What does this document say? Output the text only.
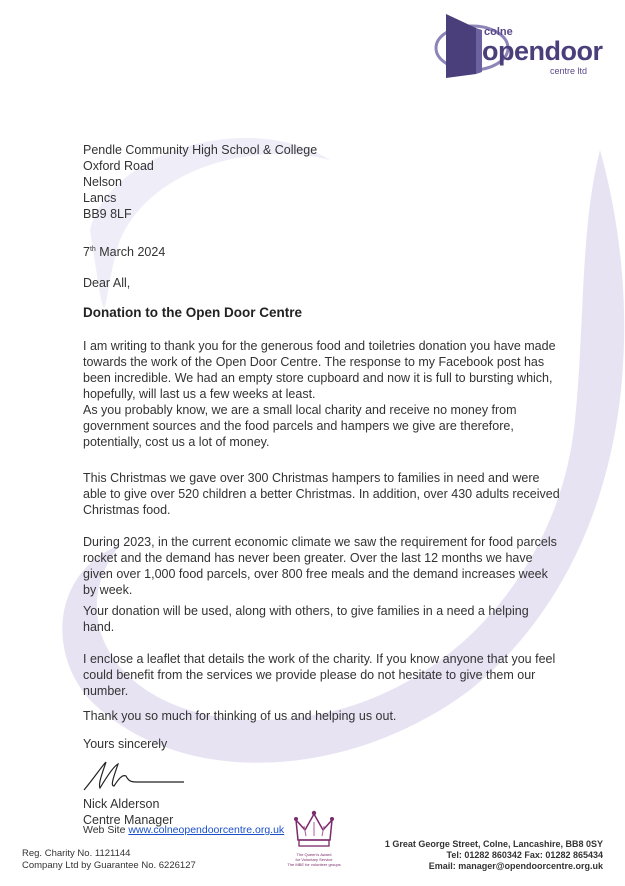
colne
opendoor
centre ltd
Pendle Community High School & College
Oxford Road
Nelson
Lancs
BB9 8LF
7th March 2024
Dear All,
Donation to the Open Door Centre
I am writing to thank you for the generous food and toiletries donation you have made towards the work of the Open Door Centre. The response to my Facebook post has been incredible. We had an empty store cupboard and now it is full to bursting which, hopefully, will last us a few weeks at least.
As you probably know, we are a small local charity and receive no money from government sources and the food parcels and hampers we give are therefore, potentially, cost us a lot of money.
This Christmas we gave over 300 Christmas hampers to families in need and were able to give over 520 children a better Christmas. In addition, over 430 adults received Christmas food.
During 2023, in the current economic climate we saw the requirement for food parcels rocket and the demand has never been greater. Over the last 12 months we have given over 1,000 food parcels, over 800 free meals and the demand increases week by week.
Your donation will be used, along with others, to give families in a need a helping hand.
I enclose a leaflet that details the work of the charity. If you know anyone that you feel could benefit from the services we provide please do not hesitate to give them our number.
Thank you so much for thinking of us and helping us out.
Yours sincerely
Nick Alderson
Centre Manager
Web Site www.colneopendoorcentre.org.uk
Reg. Charity No. 1121144
Company Ltd by Guarantee No. 6226127
The Queen's Award
for Voluntary Service
The MBE for volunteer groups
1 Great George Street, Colne, Lancashire, BB8 0SY
Tel: 01282 860342 Fax: 01282 865434
Email: manager@opendoorcentre.org.uk
